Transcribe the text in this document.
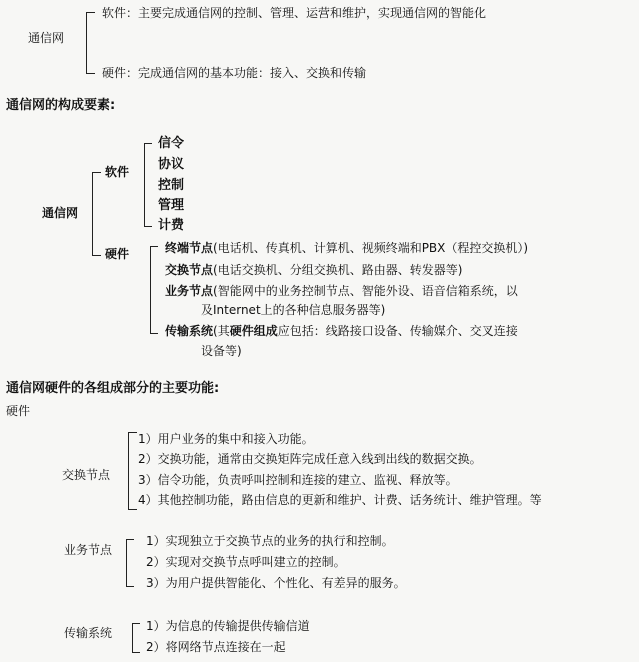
通信网
软件：主要完成通信网的控制、管理、运营和维护，实现通信网的智能化
硬件：完成通信网的基本功能：接入、交换和传输
通信网的构成要素:
通信网
软件
信令
协议
控制
管理
计费
硬件	终端节点(电话机、传真机、计算机、视频终端和PBX（程控交换机）)
交换节点(电话交换机、分组交换机、路由器、转发器等)
业务节点(智能网中的业务控制节点、智能外设、语音信箱系统，以
及Internet上的各种信息服务器等)
传输系统(其硬件组成应包括：线路接口设备、传输媒介、交叉连接
设备等)
通信网硬件的各组成部分的主要功能:
硬件
交换节点
1）用户业务的集中和接入功能。
2）交换功能，通常由交换矩阵完成任意入线到出线的数据交换。
3）信令功能，负责呼叫控制和连接的建立、监视、释放等。
4）其他控制功能，路由信息的更新和维护、计费、话务统计、维护管理。等
业务节点
1）实现独立于交换节点的业务的执行和控制。
2）实现对交换节点呼叫建立的控制。
3）为用户提供智能化、个性化、有差异的服务。
传输系统	1）为信息的传输提供传输信道
2）将网络节点连接在一起
